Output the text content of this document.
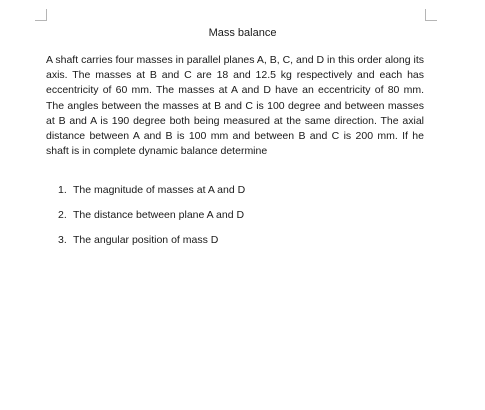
Mass balance

A shaft carries four masses in parallel planes A, B, C, and D in this order along its axis. The masses at B and C are 18 and 12.5 kg respectively and each has eccentricity of 60 mm. The masses at A and D have an eccentricity of 80 mm. The angles between the masses at B and C is 100 degree and between masses at B and A is 190 degree both being measured at the same direction. The axial distance between A and B is 100 mm and between B and C is 200 mm. If he shaft is in complete dynamic balance determine

1. The magnitude of masses at A and D
2. The distance between plane A and D
3. The angular position of mass D
